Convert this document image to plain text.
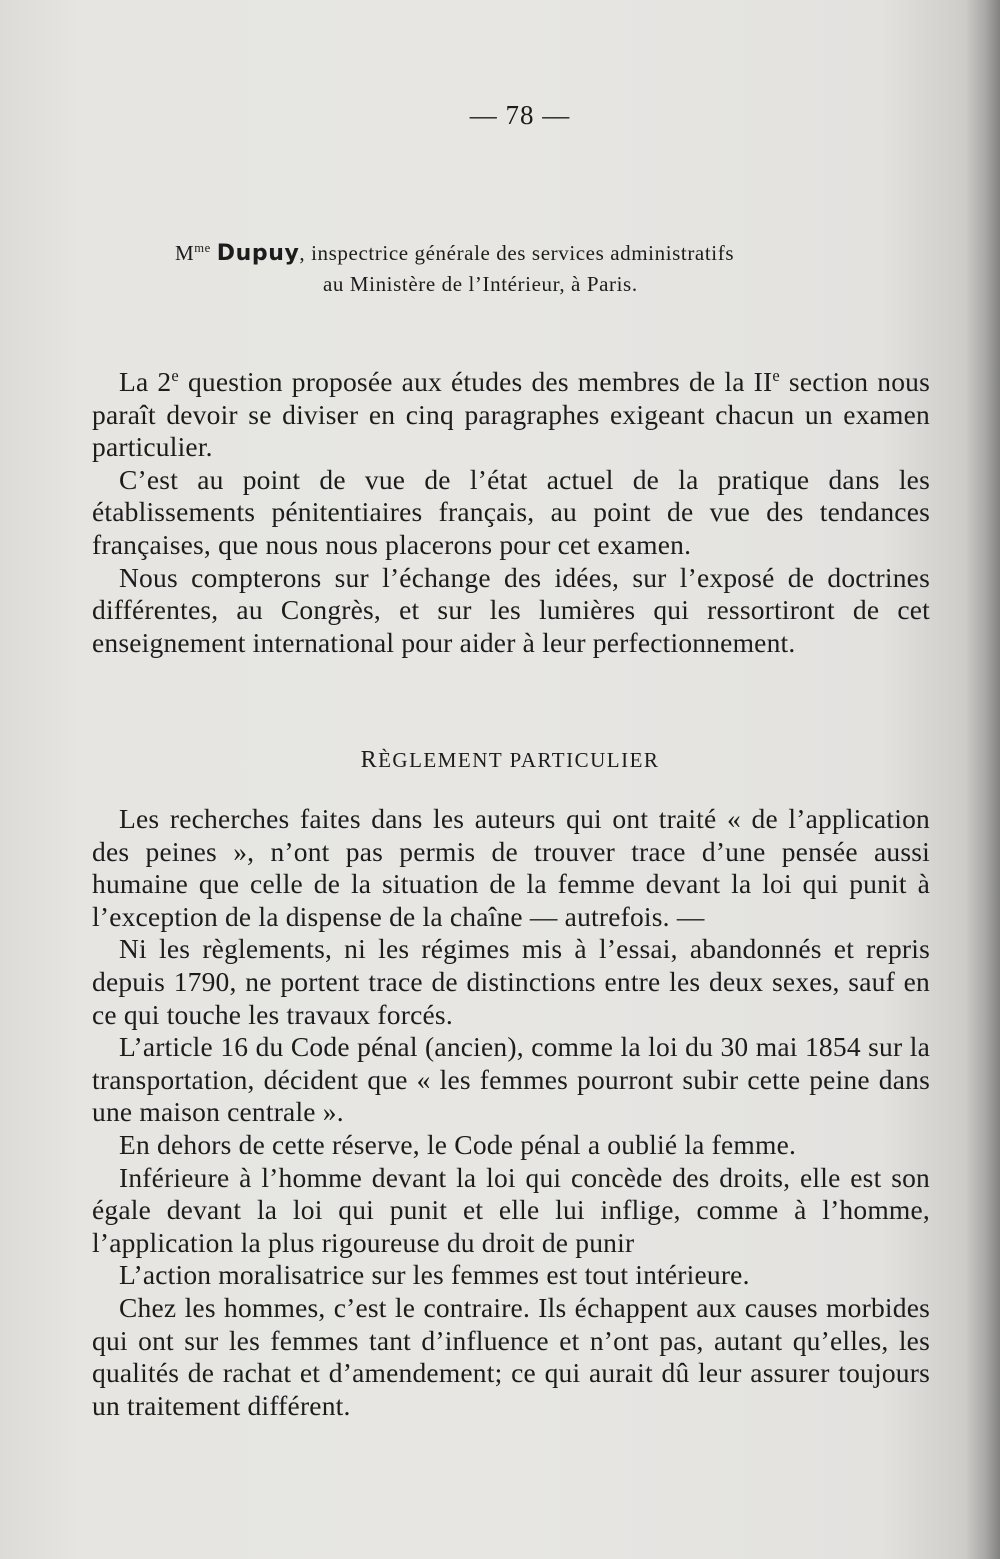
— 78 —
$M^{me}$ Dupuy, inspectrice générale des services administratifs
au Ministère de l’Intérieur, à Paris.

La 2e question proposée aux études des membres de la IIe section nous paraît devoir se diviser en cinq paragraphes exigeant chacun un examen particulier.

C’est au point de vue de l’état actuel de la pratique dans les établissements pénitentiaires français, au point de vue des tendances françaises, que nous nous placerons pour cet examen.

Nous compterons sur l’échange des idées, sur l’exposé de doctrines différentes, au Congrès, et sur les lumières qui ressortiront de cet enseignement international pour aider à leur perfectionnement.

RÈGLEMENT PARTICULIER

Les recherches faites dans les auteurs qui ont traité « de l’application des peines », n’ont pas permis de trouver trace d’une pensée aussi humaine que celle de la situation de la femme devant la loi qui punit à l’exception de la dispense de la chaîne — autrefois. —

Ni les règlements, ni les régimes mis à l’essai, abandonnés et repris depuis 1790, ne portent trace de distinctions entre les deux sexes, sauf en ce qui touche les travaux forcés.

L’article 16 du Code pénal (ancien), comme la loi du 30 mai 1854 sur la transportation, décident que « les femmes pourront subir cette peine dans une maison centrale ».

En dehors de cette réserve, le Code pénal a oublié la femme.

Inférieure à l’homme devant la loi qui concède des droits, elle est son égale devant la loi qui punit et elle lui inflige, comme à l’homme, l’application la plus rigoureuse du droit de punir

L’action moralisatrice sur les femmes est tout intérieure.

Chez les hommes, c’est le contraire. Ils échappent aux causes morbides qui ont sur les femmes tant d’influence et n’ont pas, autant qu’elles, les qualités de rachat et d’amendement; ce qui aurait dû leur assurer toujours un traitement différent.
